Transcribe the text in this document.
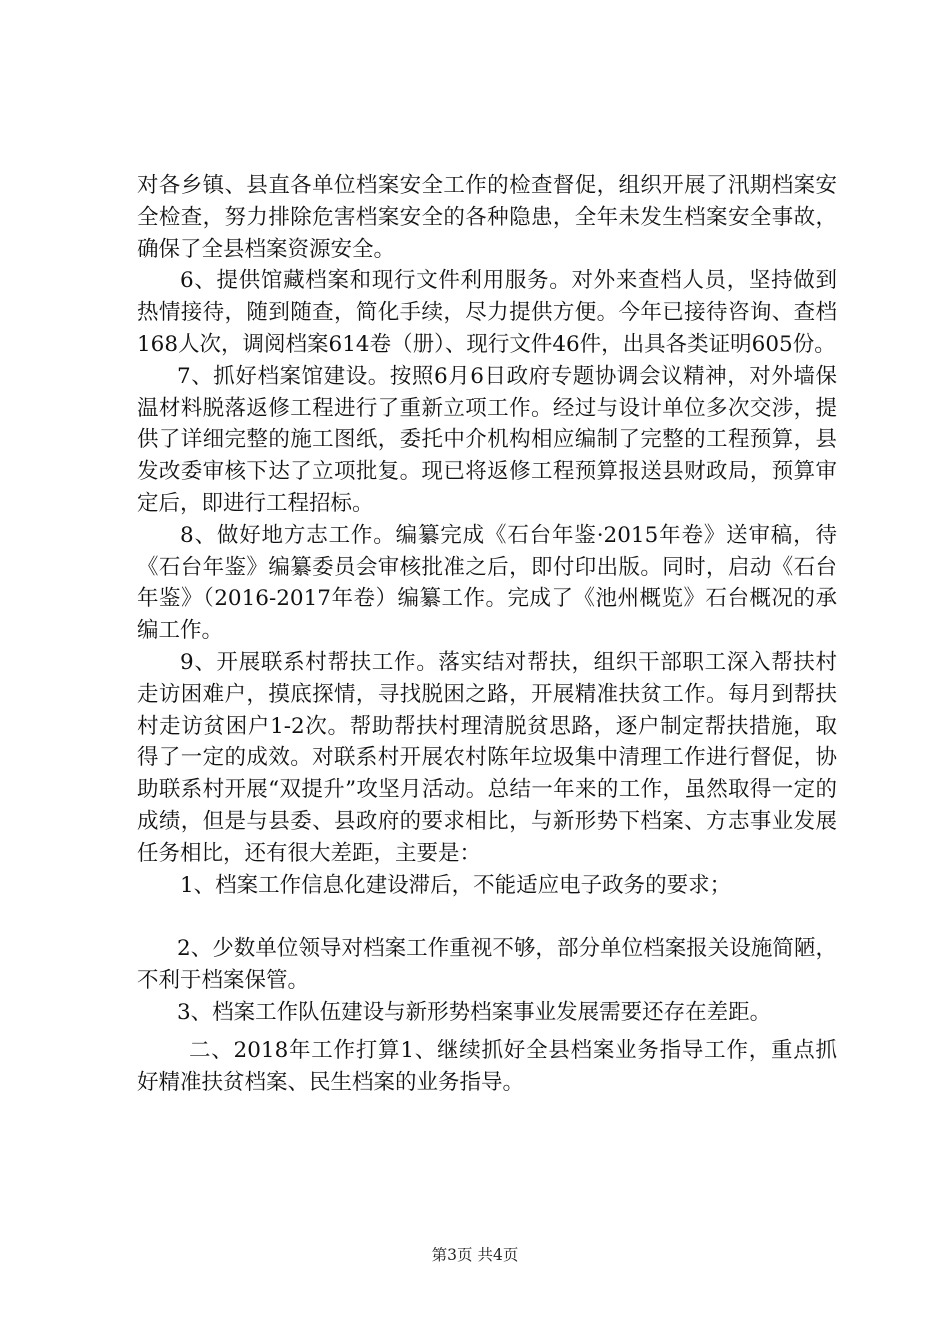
对各乡镇、县直各单位档案安全工作的检查督促，组织开展了汛期档案安全检查，努力排除危害档案安全的各种隐患，全年未发生档案安全事故，确保了全县档案资源安全。

6、提供馆藏档案和现行文件利用服务。对外来查档人员，坚持做到热情接待，随到随查，简化手续，尽力提供方便。今年已接待咨询、查档168人次，调阅档案614卷（册）、现行文件46件，出具各类证明605份。

7、抓好档案馆建设。按照6月6日政府专题协调会议精神，对外墙保温材料脱落返修工程进行了重新立项工作。经过与设计单位多次交涉，提供了详细完整的施工图纸，委托中介机构相应编制了完整的工程预算，县发改委审核下达了立项批复。现已将返修工程预算报送县财政局，预算审定后，即进行工程招标。

8、做好地方志工作。编纂完成《石台年鉴·2015年卷》送审稿，待《石台年鉴》编纂委员会审核批准之后，即付印出版。同时，启动《石台年鉴》（2016-2017年卷）编纂工作。完成了《池州概览》石台概况的承编工作。

9、开展联系村帮扶工作。落实结对帮扶，组织干部职工深入帮扶村走访困难户，摸底探情，寻找脱困之路，开展精准扶贫工作。每月到帮扶村走访贫困户1-2次。帮助帮扶村理清脱贫思路，逐户制定帮扶措施，取得了一定的成效。对联系村开展农村陈年垃圾集中清理工作进行督促，协助联系村开展“双提升”攻坚月活动。总结一年来的工作，虽然取得一定的成绩，但是与县委、县政府的要求相比，与新形势下档案、方志事业发展任务相比，还有很大差距，主要是：

1、档案工作信息化建设滞后，不能适应电子政务的要求；

2、少数单位领导对档案工作重视不够，部分单位档案报关设施简陋，不利于档案保管。

3、档案工作队伍建设与新形势档案事业发展需要还存在差距。

二、2018年工作打算1、继续抓好全县档案业务指导工作，重点抓好精准扶贫档案、民生档案的业务指导。

第3页 共4页
